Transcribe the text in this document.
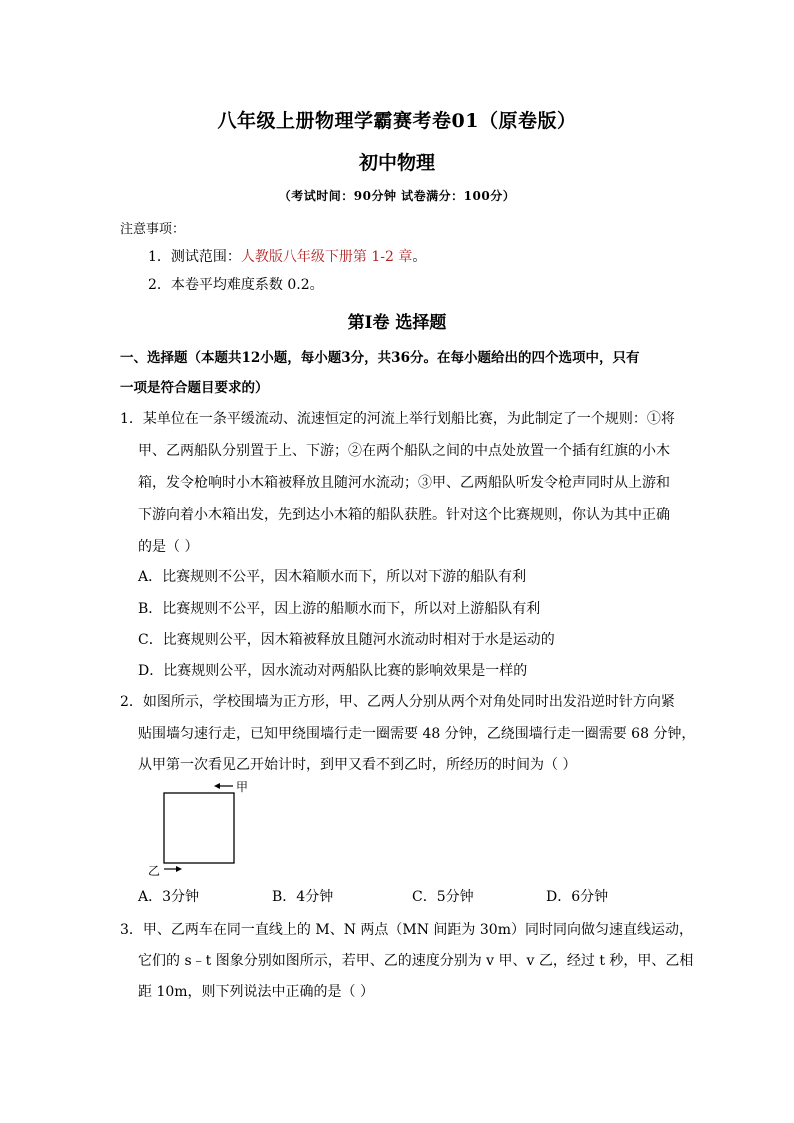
八年级上册物理学霸赛考卷01（原卷版）
初中物理
（考试时间：90分钟 试卷满分：100分）
注意事项：
1．测试范围：人教版八年级下册第 1-2 章。
2．本卷平均难度系数 0.2。
第Ⅰ卷 选择题
一、选择题（本题共12小题，每小题3分，共36分。在每小题给出的四个选项中，只有
一项是符合题目要求的）
1．某单位在一条平缓流动、流速恒定的河流上举行划船比赛，为此制定了一个规则：①将
甲、乙两船队分别置于上、下游；②在两个船队之间的中点处放置一个插有红旗的小木
箱，发令枪响时小木箱被释放且随河水流动；③甲、乙两船队听发令枪声同时从上游和
下游向着小木箱出发，先到达小木箱的船队获胜。针对这个比赛规则，你认为其中正确
的是（ ）
A．比赛规则不公平，因木箱顺水而下，所以对下游的船队有利
B．比赛规则不公平，因上游的船顺水而下，所以对上游船队有利
C．比赛规则公平，因木箱被释放且随河水流动时相对于水是运动的
D．比赛规则公平，因水流动对两船队比赛的影响效果是一样的
2．如图所示，学校围墙为正方形，甲、乙两人分别从两个对角处同时出发沿逆时针方向紧
贴围墙匀速行走，已知甲绕围墙行走一圈需要 48 分钟，乙绕围墙行走一圈需要 68 分钟，
从甲第一次看见乙开始计时，到甲又看不到乙时，所经历的时间为（ ）
甲
乙
A．3分钟	B．4分钟	C．5分钟	D．6分钟
3．甲、乙两车在同一直线上的 M、N 两点（MN 间距为 30m）同时同向做匀速直线运动，
它们的 s﹣t 图象分别如图所示，若甲、乙的速度分别为 v 甲、v 乙，经过 t 秒，甲、乙相
距 10m，则下列说法中正确的是（ ）
